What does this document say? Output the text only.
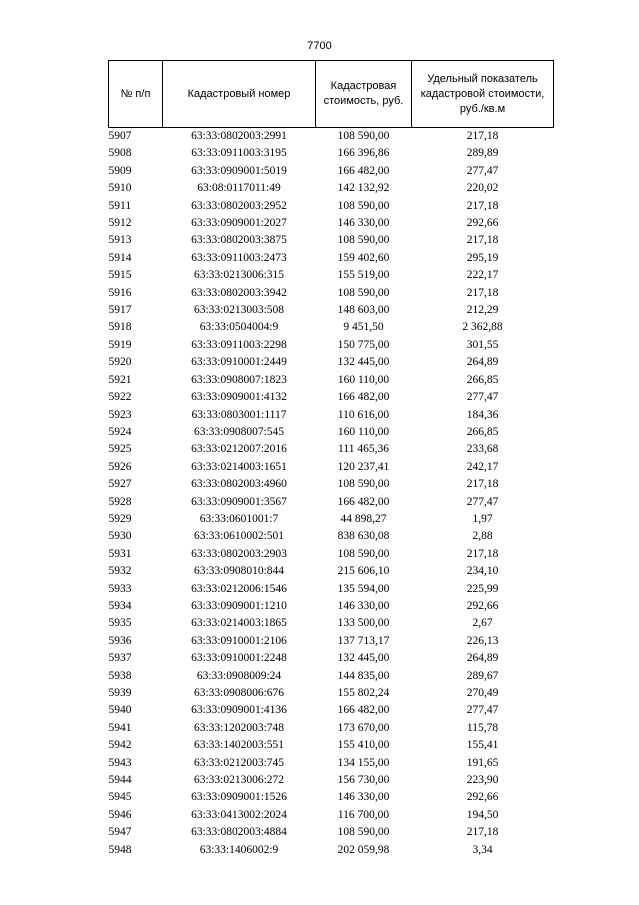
7700
№ п/п	Кадастровый номер	Кадастровая стоимость, руб.	Удельный показатель кадастровой стоимости, руб./кв.м
5907	63:33:0802003:2991	108 590,00	217,18
5908	63:33:0911003:3195	166 396,86	289,89
5909	63:33:0909001:5019	166 482,00	277,47
5910	63:08:0117011:49	142 132,92	220,02
5911	63:33:0802003:2952	108 590,00	217,18
5912	63:33:0909001:2027	146 330,00	292,66
5913	63:33:0802003:3875	108 590,00	217,18
5914	63:33:0911003:2473	159 402,60	295,19
5915	63:33:0213006:315	155 519,00	222,17
5916	63:33:0802003:3942	108 590,00	217,18
5917	63:33:0213003:508	148 603,00	212,29
5918	63:33:0504004:9	9 451,50	2 362,88
5919	63:33:0911003:2298	150 775,00	301,55
5920	63:33:0910001:2449	132 445,00	264,89
5921	63:33:0908007:1823	160 110,00	266,85
5922	63:33:0909001:4132	166 482,00	277,47
5923	63:33:0803001:1117	110 616,00	184,36
5924	63:33:0908007:545	160 110,00	266,85
5925	63:33:0212007:2016	111 465,36	233,68
5926	63:33:0214003:1651	120 237,41	242,17
5927	63:33:0802003:4960	108 590,00	217,18
5928	63:33:0909001:3567	166 482,00	277,47
5929	63:33:0601001:7	44 898,27	1,97
5930	63:33:0610002:501	838 630,08	2,88
5931	63:33:0802003:2903	108 590,00	217,18
5932	63:33:0908010:844	215 606,10	234,10
5933	63:33:0212006:1546	135 594,00	225,99
5934	63:33:0909001:1210	146 330,00	292,66
5935	63:33:0214003:1865	133 500,00	2,67
5936	63:33:0910001:2106	137 713,17	226,13
5937	63:33:0910001:2248	132 445,00	264,89
5938	63:33:0908009:24	144 835,00	289,67
5939	63:33:0908006:676	155 802,24	270,49
5940	63:33:0909001:4136	166 482,00	277,47
5941	63:33:1202003:748	173 670,00	115,78
5942	63:33:1402003:551	155 410,00	155,41
5943	63:33:0212003:745	134 155,00	191,65
5944	63:33:0213006:272	156 730,00	223,90
5945	63:33:0909001:1526	146 330,00	292,66
5946	63:33:0413002:2024	116 700,00	194,50
5947	63:33:0802003:4884	108 590,00	217,18
5948	63:33:1406002:9	202 059,98	3,34
